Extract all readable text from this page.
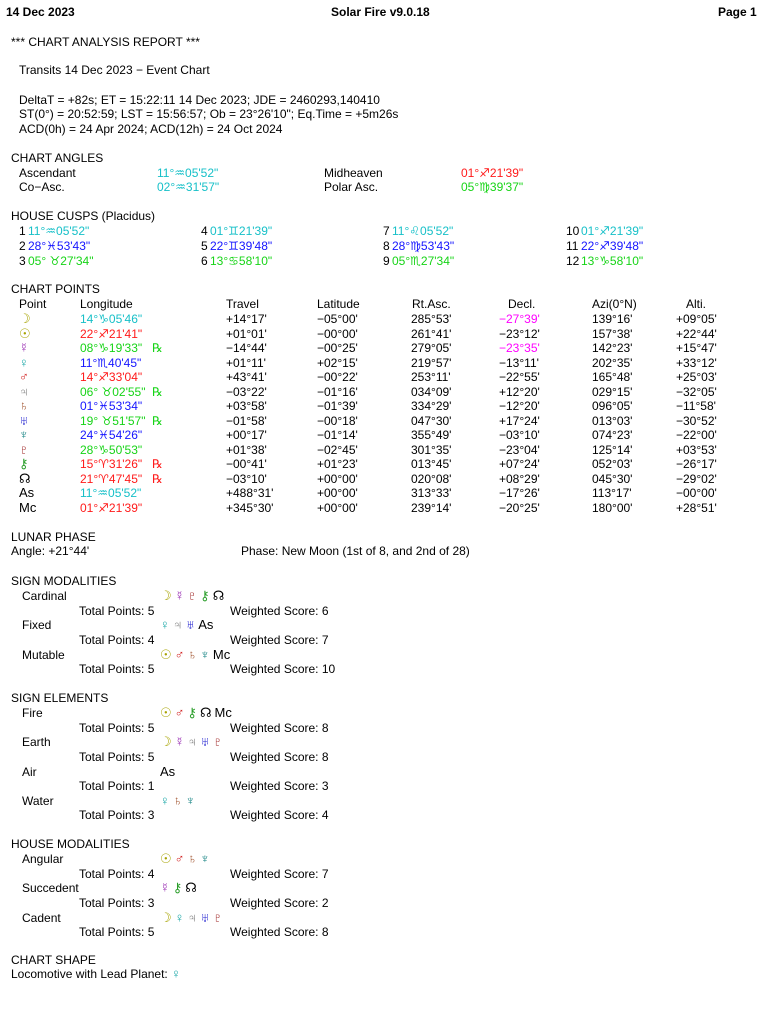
14 Dec 2023	Solar Fire v9.0.18	Page 1
*** CHART ANALYSIS REPORT ***
Transits 14 Dec 2023 − Event Chart
DeltaT = +82s; ET = 15:22:11 14 Dec 2023; JDE = 2460293,140410
ST(0°) = 20:52:59; LST = 15:56:57; Ob = 23°26'10"; Eq.Time = +5m26s
ACD(0h) = 24 Apr 2024; ACD(12h) = 24 Oct 2024
CHART ANGLES
Ascendant	11°♒︎05'52"
Co−Asc.	02°♒︎31'57"
Midheaven	01°♐︎21'39"
Polar Asc.	05°♍︎39'37"
HOUSE CUSPS (Placidus)
1 11°♒︎05'52"
2 28°♓︎53'43"
3 05° ♉︎27'34"
4 01°♊︎21'39"
5 22°♊︎39'48"
6 13°♋︎58'10"
7 11°♌︎05'52"
8 28°♍︎53'43"
9 05°♏︎27'34"
10 01°♐︎21'39"
11 22°♐︎39'48"
12 13°♑︎58'10"
CHART POINTS
Point	Longitude	Travel	Latitude	Rt.Asc.	Decl.	Azi(0°N)	Alti.
☽︎	14°♑︎05'46"	+14°17'	−05°00'	285°53'	−27°39'	139°16'	+09°05'
☉︎	22°♐︎21'41"	+01°01'	−00°00'	261°41'	−23°12'	157°38'	+22°44'
☿︎	08°♑︎19'33" ℞	−14°44'	−00°25'	279°05'	−23°35'	142°23'	+15°47'
♀︎	11°♏︎40'45"	+01°11'	+02°15'	219°57'	−13°11'	202°35'	+33°12'
♂︎	14°♐︎33'04"	+43°41'	−00°22'	253°11'	−22°55'	165°48'	+25°03'
♃︎	06° ♉︎02'55" ℞	−03°22'	−01°16'	034°09'	+12°20'	029°15'	−32°05'
♄︎	01°♓︎53'34"	+03°58'	−01°39'	334°29'	−12°20'	096°05'	−11°58'
♅︎	19° ♉︎51'57" ℞	−01°58'	−00°18'	047°30'	+17°24'	013°03'	−30°52'
♆︎	24°♓︎54'26"	+00°17'	−01°14'	355°49'	−03°10'	074°23'	−22°00'
♇︎	28°♑︎50'53"	+01°38'	−02°45'	301°35'	−23°04'	125°14'	+03°53'
⚷︎	15°♈︎31'26" ℞	−00°41'	+01°23'	013°45'	+07°24'	052°03'	−26°17'
☊︎	21°♈︎47'45" ℞	−03°10'	+00°00'	020°08'	+08°29'	045°30'	−29°02'
As	11°♒︎05'52"	+488°31'	+00°00'	313°33'	−17°26'	113°17'	−00°00'
Mc	01°♐︎21'39"	+345°30'	+00°00'	239°14'	−20°25'	180°00'	+28°51'
LUNAR PHASE
Angle: +21°44'	Phase: New Moon (1st of 8, and 2nd of 28)
SIGN MODALITIES
Cardinal	☽︎ ☿︎ ♇︎ ⚷︎ ☊︎
Total Points: 5	Weighted Score: 6
Fixed	♀︎ ♃︎ ♅︎ As
Total Points: 4	Weighted Score: 7
Mutable	☉︎ ♂︎ ♄︎ ♆︎ Mc
Total Points: 5	Weighted Score: 10
SIGN ELEMENTS
Fire	☉︎ ♂︎ ⚷︎ ☊︎ Mc
Total Points: 5	Weighted Score: 8
Earth	☽︎ ☿︎ ♃︎ ♅︎ ♇︎
Total Points: 5	Weighted Score: 8
Air	As
Total Points: 1	Weighted Score: 3
Water	♀︎ ♄︎ ♆︎
Total Points: 3	Weighted Score: 4
HOUSE MODALITIES
Angular	☉︎ ♂︎ ♄︎ ♆︎
Total Points: 4	Weighted Score: 7
Succedent	☿︎ ⚷︎ ☊︎
Total Points: 3	Weighted Score: 2
Cadent	☽︎ ♀︎ ♃︎ ♅︎ ♇︎
Total Points: 5	Weighted Score: 8
CHART SHAPE
Locomotive with Lead Planet: ♀︎
